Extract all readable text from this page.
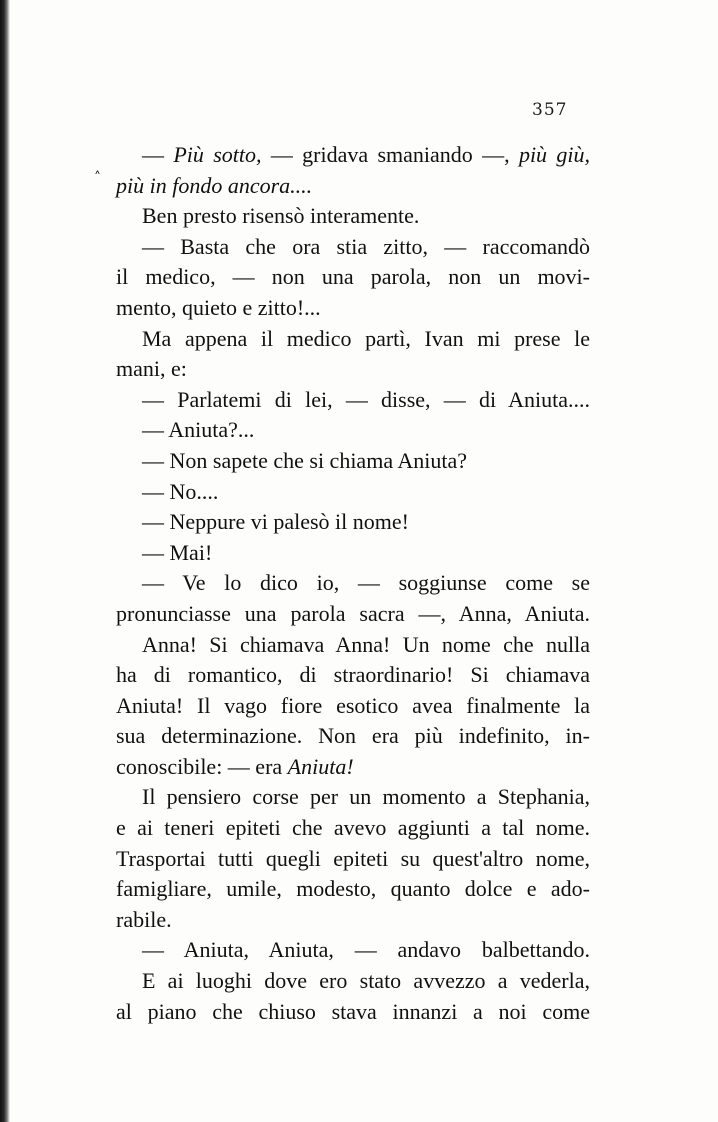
357
˄
— Più sotto, — gridava smaniando —, più giù,
più in fondo ancora....
Ben presto risensò interamente.
— Basta che ora stia zitto, — raccomandò
il medico, — non una parola, non un movi-
mento, quieto e zitto!...
Ma appena il medico partì, Ivan mi prese le
mani, e:
— Parlatemi di lei, — disse, — di Aniuta....
— Aniuta?...
— Non sapete che si chiama Aniuta?
— No....
— Neppure vi palesò il nome!
— Mai!
— Ve lo dico io, — soggiunse come se
pronunciasse una parola sacra —, Anna, Aniuta.
Anna! Si chiamava Anna! Un nome che nulla
ha di romantico, di straordinario! Si chiamava
Aniuta! Il vago fiore esotico avea finalmente la
sua determinazione. Non era più indefinito, in-
conoscibile: — era Aniuta!
Il pensiero corse per un momento a Stephania,
e ai teneri epiteti che avevo aggiunti a tal nome.
Trasportai tutti quegli epiteti su quest'altro nome,
famigliare, umile, modesto, quanto dolce e ado-
rabile.
— Aniuta, Aniuta, — andavo balbettando.
E ai luoghi dove ero stato avvezzo a vederla,
al piano che chiuso stava innanzi a noi come
